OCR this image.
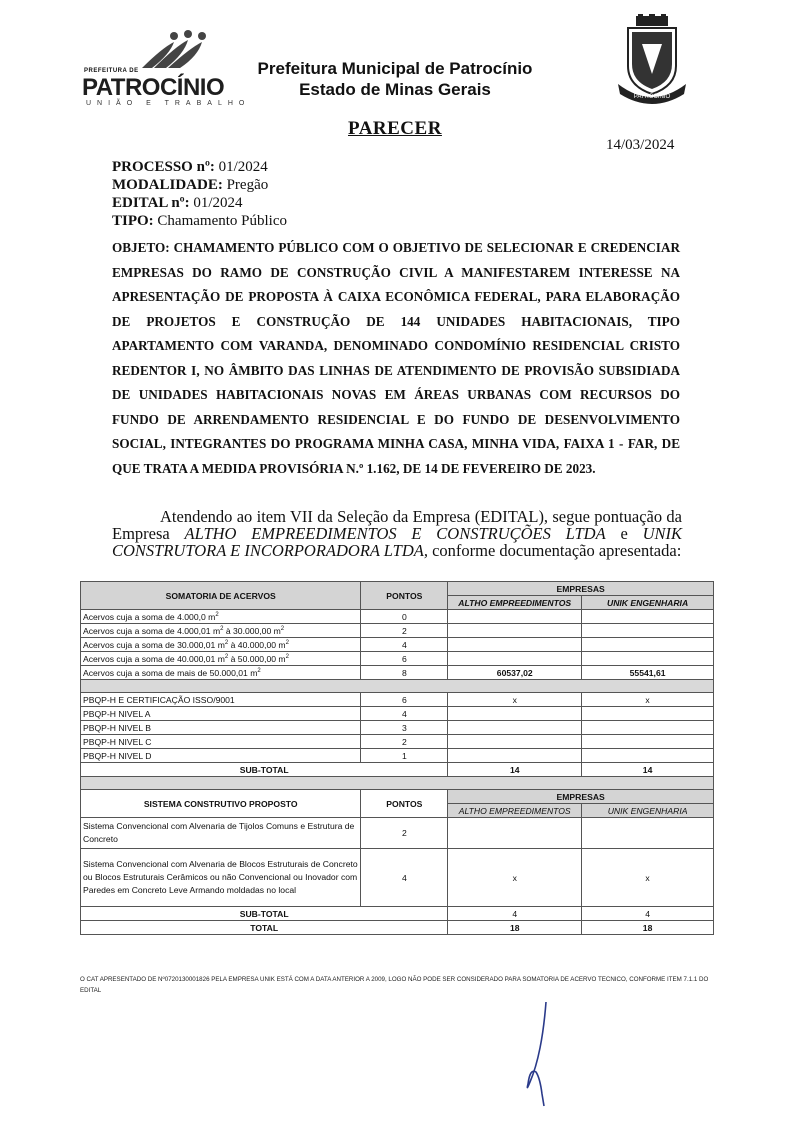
PREFEITURA DE
PATROCÍNIO
UNIÃO E TRABALHO
Prefeitura Municipal de Patrocínio
Estado de Minas Gerais	PATROCÍNIO
PARECER
14/03/2024
PROCESSO nº: 01/2024
MODALIDADE: Pregão
EDITAL nº: 01/2024
TIPO: Chamamento Público
OBJETO: CHAMAMENTO PÚBLICO COM O OBJETIVO DE SELECIONAR E CREDENCIAR EMPRESAS DO RAMO DE CONSTRUÇÃO CIVIL A MANIFESTAREM INTERESSE NA APRESENTAÇÃO DE PROPOSTA À CAIXA ECONÔMICA FEDERAL, PARA ELABORAÇÃO DE PROJETOS E CONSTRUÇÃO DE 144 UNIDADES HABITACIONAIS, TIPO APARTAMENTO COM VARANDA, DENOMINADO CONDOMÍNIO RESIDENCIAL CRISTO REDENTOR I, NO ÂMBITO DAS LINHAS DE ATENDIMENTO DE PROVISÃO SUBSIDIADA DE UNIDADES HABITACIONAIS NOVAS EM ÁREAS URBANAS COM RECURSOS DO FUNDO DE ARRENDAMENTO RESIDENCIAL E DO FUNDO DE DESENVOLVIMENTO SOCIAL, INTEGRANTES DO PROGRAMA MINHA CASA, MINHA VIDA, FAIXA 1 - FAR, DE QUE TRATA A MEDIDA PROVISÓRIA N.º 1.162, DE 14 DE FEVEREIRO DE 2023.
Atendendo ao item VII da Seleção da Empresa (EDITAL), segue pontuação da Empresa ALTHO EMPREEDIMENTOS E CONSTRUÇÕES LTDA e UNIK CONSTRUTORA E INCORPORADORA LTDA, conforme documentação apresentada:
SOMATORIA DE ACERVOS	PONTOS	EMPRESAS	
		ALTHO EMPREEDIMENTOS	UNIK ENGENHARIA
Acervos cuja a soma de 4.000,0 $m^2$	0		
Acervos cuja a soma de 4.000,01 $m^2$ à 30.000,00 $m^2$	2		
Acervos cuja a soma de 30.000,01 $m^2$ à 40.000,00 $m^2$	4		
Acervos cuja a soma de 40.000,01 $m^2$ à 50.000,00 $m^2$	6		
Acervos cuja a soma de mais de 50.000,01 $m^2$	8	60537,02	55541,61

PBQP-H E CERTIFICAÇÃO ISSO/9001	6	x	x
PBQP-H NIVEL A	4		
PBQP-H NIVEL B	3		
PBQP-H NIVEL C	2		
PBQP-H NIVEL D	1		
SUB-TOTAL		14	14

SISTEMA CONSTRUTIVO PROPOSTO	PONTOS	EMPRESAS	
		ALTHO EMPREEDIMENTOS	UNIK ENGENHARIA
Sistema Convencional com Alvenaria de Tijolos Comuns e Estrutura de Concreto	2		
Sistema Convencional com Alvenaria de Blocos Estruturais de Concreto ou Blocos Estruturais Cerâmicos ou não Convencional ou Inovador com Paredes em Concreto Leve Armando moldadas no local	4	x	x
SUB-TOTAL		4	4
TOTAL		18	18
O CAT APRESENTADO DE Nº0720130001826 PELA EMPRESA UNIK ESTÁ COM A DATA ANTERIOR A 2009, LOGO NÃO PODE SER CONSIDERADO PARA SOMATORIA DE ACERVO TECNICO, CONFORME ITEM 7.1.1 DO EDITAL
